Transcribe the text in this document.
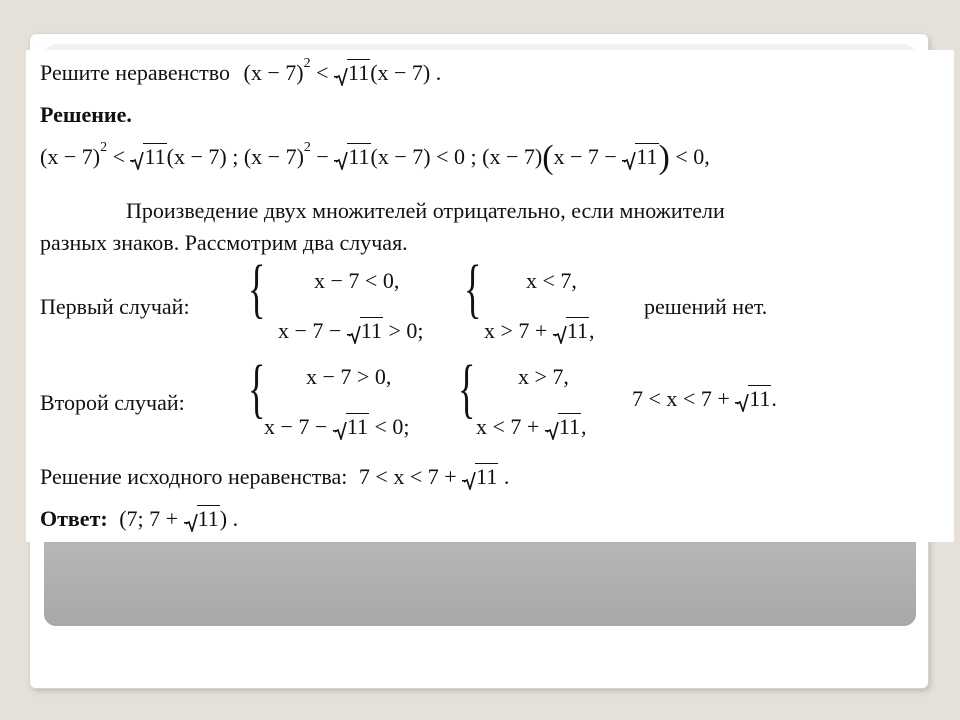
Решите неравенство $(x - 7)^2 < 11(x - 7)$ .
Решение.
$(x - 7)^2$ <
11(x − 7) ; $(x - 7)^2$ −
11(x − 7) < 0 ; (x − 7)(x − 7 −
11) < 0,
Произведение двух множителей отрицательно, если множители
разных знаков. Рассмотрим два случая.
Первый случай: { x − 7 < 0,
x − 7 −
11 > 0;
{ x < 7,
x > 7 +
11,
решений нет.
Второй случай: { x − 7 > 0,
x − 7 −
11 < 0;
{ x > 7,
x < 7 +
11,
7 < x < 7 +
11.
Решение исходного неравенства: 7 < x < 7 +
11 .
Ответ: (7; 7 +
11) .
